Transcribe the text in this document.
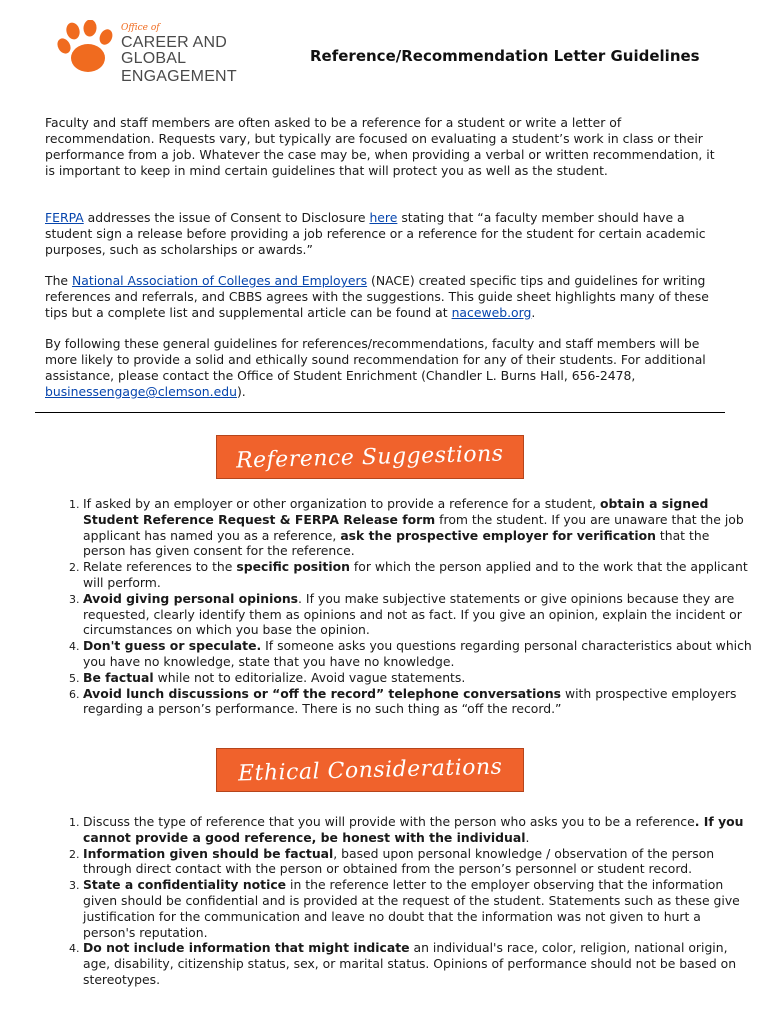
Office of
CAREER AND GLOBAL
ENGAGEMENT
Reference/Recommendation Letter Guidelines

Faculty and staff members are often asked to be a reference for a student or write a letter of recommendation. Requests vary, but typically are focused on evaluating a student’s work in class or their performance from a job. Whatever the case may be, when providing a verbal or written recommendation, it is important to keep in mind certain guidelines that will protect you as well as the student.

FERPA addresses the issue of Consent to Disclosure here stating that “a faculty member should have a student sign a release before providing a job reference or a reference for the student for certain academic purposes, such as scholarships or awards.”

The National Association of Colleges and Employers (NACE) created specific tips and guidelines for writing references and referrals, and CBBS agrees with the suggestions. This guide sheet highlights many of these tips but a complete list and supplemental article can be found at naceweb.org.

By following these general guidelines for references/recommendations, faculty and staff members will be more likely to provide a solid and ethically sound recommendation for any of their students. For additional assistance, please contact the Office of Student Enrichment (Chandler L. Burns Hall, 656-2478, businessengage@clemson.edu).

Reference Suggestions
1. If asked by an employer or other organization to provide a reference for a student, obtain a signed Student Reference Request & FERPA Release form from the student. If you are unaware that the job applicant has named you as a reference, ask the prospective employer for verification that the person has given consent for the reference.
2. Relate references to the specific position for which the person applied and to the work that the applicant will perform.
3. Avoid giving personal opinions. If you make subjective statements or give opinions because they are requested, clearly identify them as opinions and not as fact. If you give an opinion, explain the incident or circumstances on which you base the opinion.
4. Don't guess or speculate. If someone asks you questions regarding personal characteristics about which you have no knowledge, state that you have no knowledge.
5. Be factual while not to editorialize. Avoid vague statements.
6. Avoid lunch discussions or “off the record” telephone conversations with prospective employers regarding a person’s performance. There is no such thing as “off the record.”
Ethical Considerations
1. Discuss the type of reference that you will provide with the person who asks you to be a reference. If you cannot provide a good reference, be honest with the individual.
2. Information given should be factual, based upon personal knowledge / observation of the person through direct contact with the person or obtained from the person’s personnel or student record.
3. State a confidentiality notice in the reference letter to the employer observing that the information given should be confidential and is provided at the request of the student. Statements such as these give justification for the communication and leave no doubt that the information was not given to hurt a person's reputation.
4. Do not include information that might indicate an individual's race, color, religion, national origin, age, disability, citizenship status, sex, or marital status. Opinions of performance should not be based on stereotypes.
